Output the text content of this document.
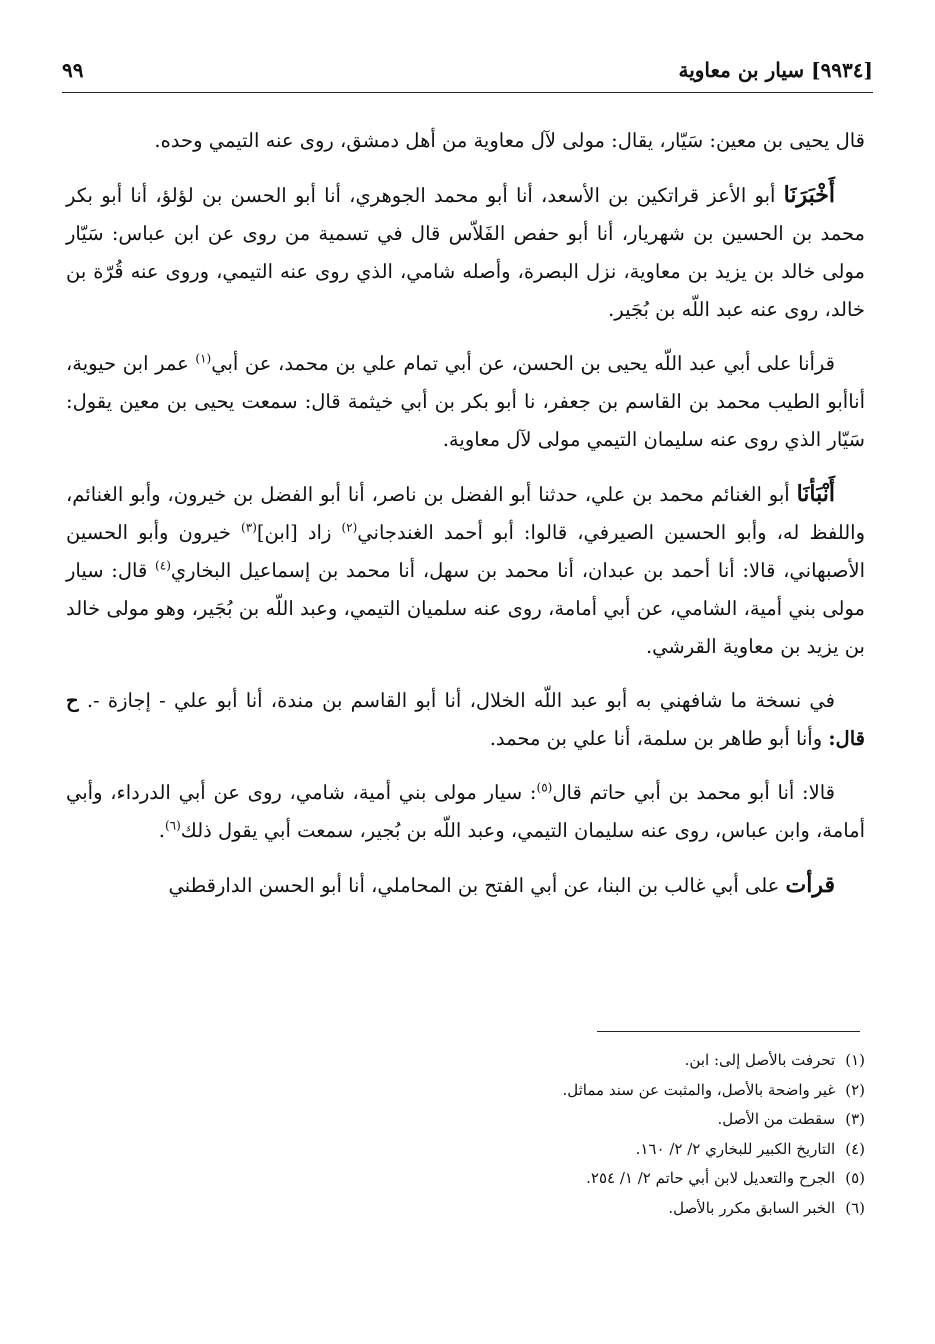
[٩٩٣٤] سيار بن معاوية
٩٩

قال يحيى بن معين: سَيّار، يقال: مولى لآل معاوية من أهل دمشق، روى عنه التيمي وحده.

أَخْبَرَنَا أبو الأعز قراتكين بن الأسعد، أنا أبو محمد الجوهري، أنا أبو الحسن بن لؤلؤ، أنا أبو بكر محمد بن الحسين بن شهريار، أنا أبو حفص الفَلاّس قال في تسمية من روى عن ابن عباس: سَيّار مولى خالد بن يزيد بن معاوية، نزل البصرة، وأصله شامي، الذي روى عنه التيمي، وروى عنه قُرّة بن خالد، روى عنه عبد اللّه بن بُجَير.

قرأنا على أبي عبد اللّه يحيى بن الحسن، عن أبي تمام علي بن محمد، عن أبي$^{(١)}$ عمر ابن حيوية، أناأبو الطيب محمد بن القاسم بن جعفر، نا أبو بكر بن أبي خيثمة قال: سمعت يحيى بن معين يقول: سَيّار الذي روى عنه سليمان التيمي مولى لآل معاوية.

أَنْبَأنَا أبو الغنائم محمد بن علي، حدثنا أبو الفضل بن ناصر، أنا أبو الفضل بن خيرون، وأبو الغنائم، واللفظ له، وأبو الحسين الصيرفي، قالوا: أبو أحمد الغندجاني$^{(٢)}$ زاد [ابن]$^{(٣)}$ خيرون وأبو الحسين الأصبهاني، قالا: أنا أحمد بن عبدان، أنا محمد بن سهل، أنا محمد بن إسماعيل البخاري$^{(٤)}$ قال: سيار مولى بني أمية، الشامي، عن أبي أمامة، روى عنه سلميان التيمي، وعبد اللّه بن بُجَير، وهو مولى خالد بن يزيد بن معاوية القرشي.

في نسخة ما شافهني به أبو عبد اللّه الخلال، أنا أبو القاسم بن مندة، أنا أبو علي - إجازة -. ح قال: وأنا أبو طاهر بن سلمة، أنا علي بن محمد.

قالا: أنا أبو محمد بن أبي حاتم قال$^{(٥)}$: سيار مولى بني أمية، شامي، روى عن أبي الدرداء، وأبي أمامة، وابن عباس، روى عنه سليمان التيمي، وعبد اللّه بن بُجير، سمعت أبي يقول ذلك$^{(٦)}$.

قرأت على أبي غالب بن البنا، عن أبي الفتح بن المحاملي، أنا أبو الحسن الدارقطني

(١)تحرفت بالأصل إلى: ابن.
(٢)غير واضحة بالأصل، والمثبت عن سند مماثل.
(٣)سقطت من الأصل.
(٤)التاريخ الكبير للبخاري ٢/ ٢/ ١٦٠.
(٥)الجرح والتعديل لابن أبي حاتم ٢/ ١/ ٢٥٤.
(٦)الخبر السابق مكرر بالأصل.
